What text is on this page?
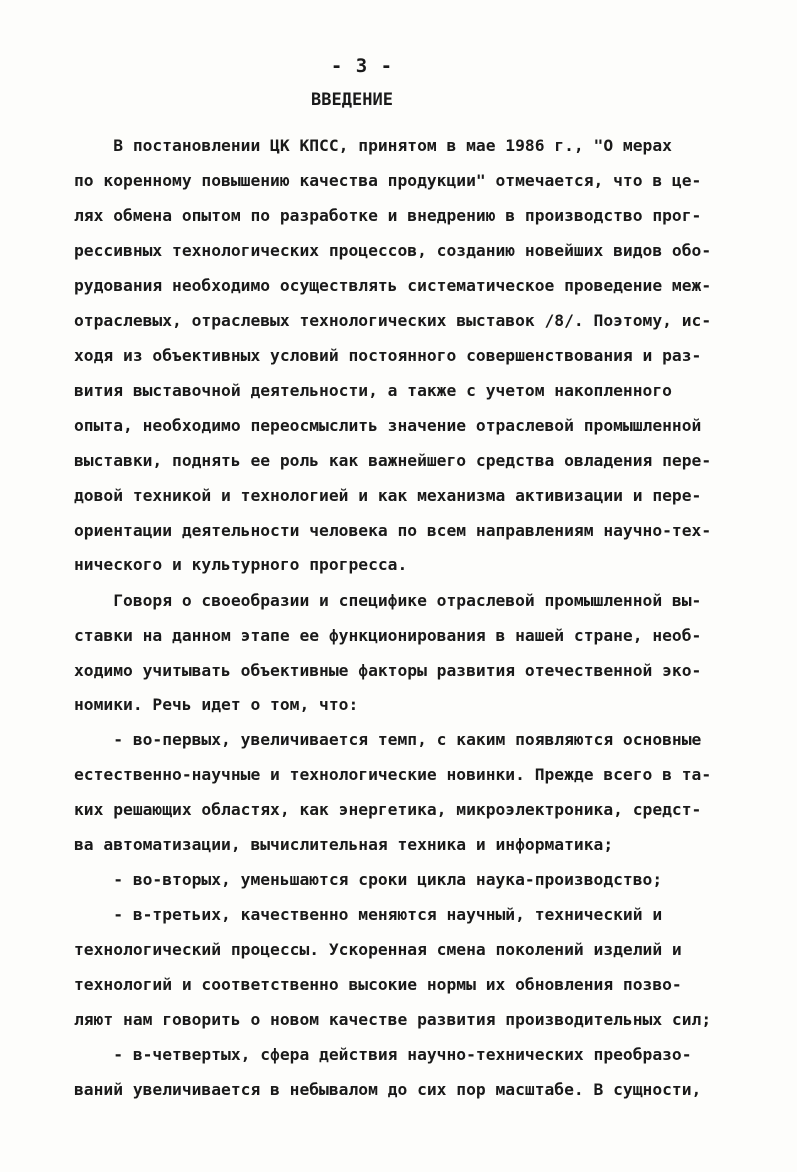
- 3 -
ВВЕДЕНИЕ
В постановлении ЦК КПСС, принятом в мае 1986 г., "О мерах
по коренному повышению качества продукции" отмечается, что в це-
лях обмена опытом по разработке и внедрению в производство прог-
рессивных технологических процессов, созданию новейших видов обо-
рудования необходимо осуществлять систематическое проведение меж-
отраслевых, отраслевых технологических выставок /8/. Поэтому, ис-
ходя из объективных условий постоянного совершенствования и раз-
вития выставочной деятельности, а также с учетом накопленного
опыта, необходимо переосмыслить значение отраслевой промышленной
выставки, поднять ее роль как важнейшего средства овладения пере-
довой техникой и технологией и как механизма активизации и пере-
ориентации деятельности человека по всем направлениям научно-тех-
нического и культурного прогресса.
Говоря о своеобразии и специфике отраслевой промышленной вы-
ставки на данном этапе ее функционирования в нашей стране, необ-
ходимо учитывать объективные факторы развития отечественной эко-
номики. Речь идет о том, что:
- во-первых, увеличивается темп, с каким появляются основные
естественно-научные и технологические новинки. Прежде всего в та-
ких решающих областях, как энергетика, микроэлектроника, средст-
ва автоматизации, вычислительная техника и информатика;
- во-вторых, уменьшаются сроки цикла наука-производство;
- в-третьих, качественно меняются научный, технический и
технологический процессы. Ускоренная смена поколений изделий и
технологий и соответственно высокие нормы их обновления позво-
ляют нам говорить о новом качестве развития производительных сил;
- в-четвертых, сфера действия научно-технических преобразо-
ваний увеличивается в небывалом до сих пор масштабе. В сущности,
